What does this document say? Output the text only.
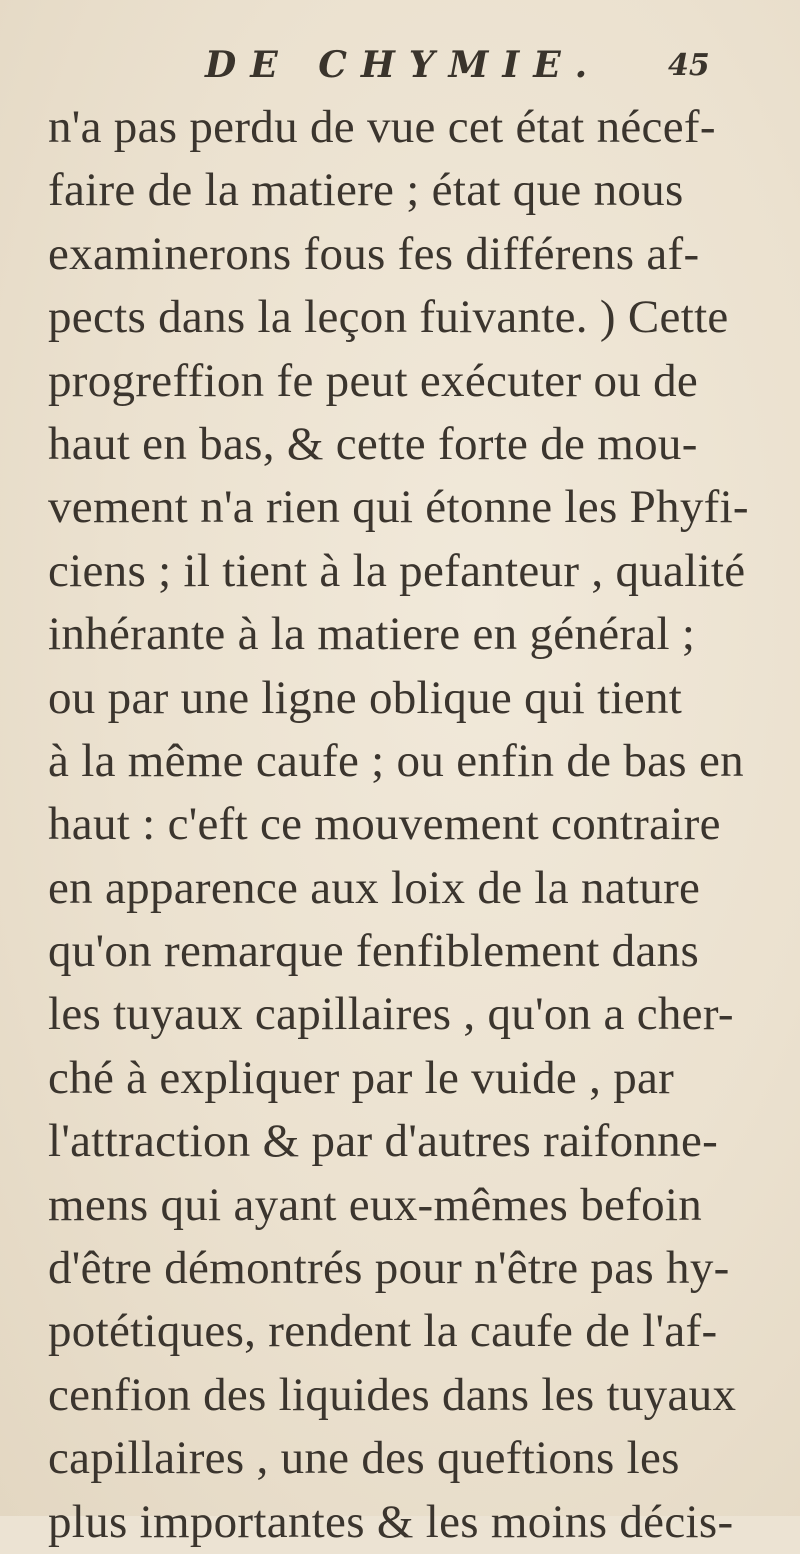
DE CHYMIE. 45
n'a pas perdu de vue cet état nécef-
faire de la matiere ; état que nous
examinerons fous fes différens af-
pects dans la leçon fuivante. ) Cette
progreffion fe peut exécuter ou de
haut en bas, & cette forte de mou-
vement n'a rien qui étonne les Phyfi-
ciens ; il tient à la pefanteur , qualité
inhérante à la matiere en général ;
ou par une ligne oblique qui tient
à la même caufe ; ou enfin de bas en
haut : c'eft ce mouvement contraire
en apparence aux loix de la nature
qu'on remarque fenfiblement dans
les tuyaux capillaires , qu'on a cher-
ché à expliquer par le vuide , par
l'attraction & par d'autres raifonne-
mens qui ayant eux-mêmes befoin
d'être démontrés pour n'être pas hy-
potétiques, rendent la caufe de l'af-
cenfion des liquides dans les tuyaux
capillaires , une des queftions les
plus importantes & les moins décis-
